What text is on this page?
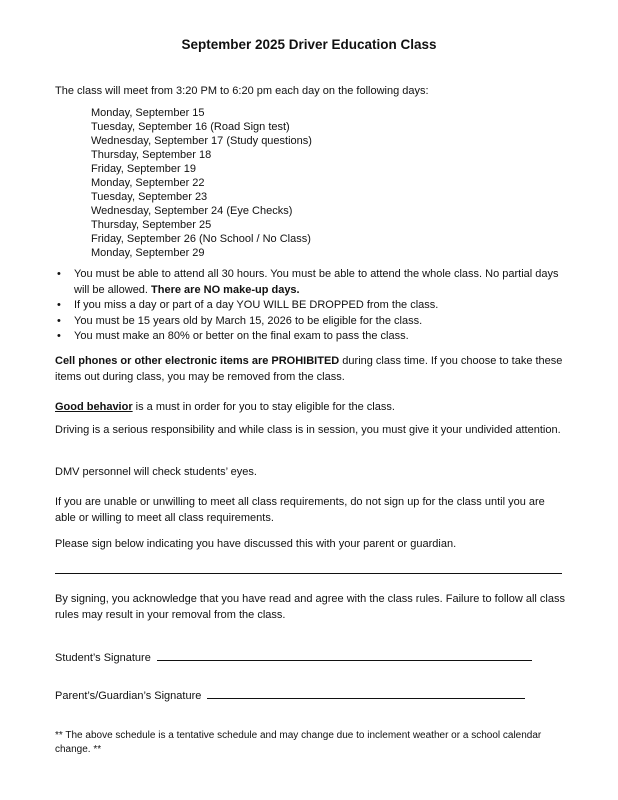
September 2025 Driver Education Class
The class will meet from 3:20 PM to 6:20 pm each day on the following days:
Monday, September 15
Tuesday, September 16 (Road Sign test)
Wednesday, September 17 (Study questions)
Thursday, September 18
Friday, September 19
Monday, September 22
Tuesday, September 23
Wednesday, September 24 (Eye Checks)
Thursday, September 25
Friday, September 26 (No School / No Class)
Monday, September 29
• You must be able to attend all 30 hours. You must be able to attend the whole class. No partial days will be allowed. There are NO make-up days.
• If you miss a day or part of a day YOU WILL BE DROPPED from the class.
• You must be 15 years old by March 15, 2026 to be eligible for the class.
• You must make an 80% or better on the final exam to pass the class.
Cell phones or other electronic items are PROHIBITED during class time. If you choose to take these items out during class, you may be removed from the class.
Good behavior is a must in order for you to stay eligible for the class.
Driving is a serious responsibility and while class is in session, you must give it your undivided attention.
DMV personnel will check students’ eyes.
If you are unable or unwilling to meet all class requirements, do not sign up for the class until you are able or willing to meet all class requirements.
Please sign below indicating you have discussed this with your parent or guardian.
By signing, you acknowledge that you have read and agree with the class rules. Failure to follow all class rules may result in your removal from the class.
Student’s Signature
Parent’s/Guardian’s Signature
** The above schedule is a tentative schedule and may change due to inclement weather or a school calendar change. **
